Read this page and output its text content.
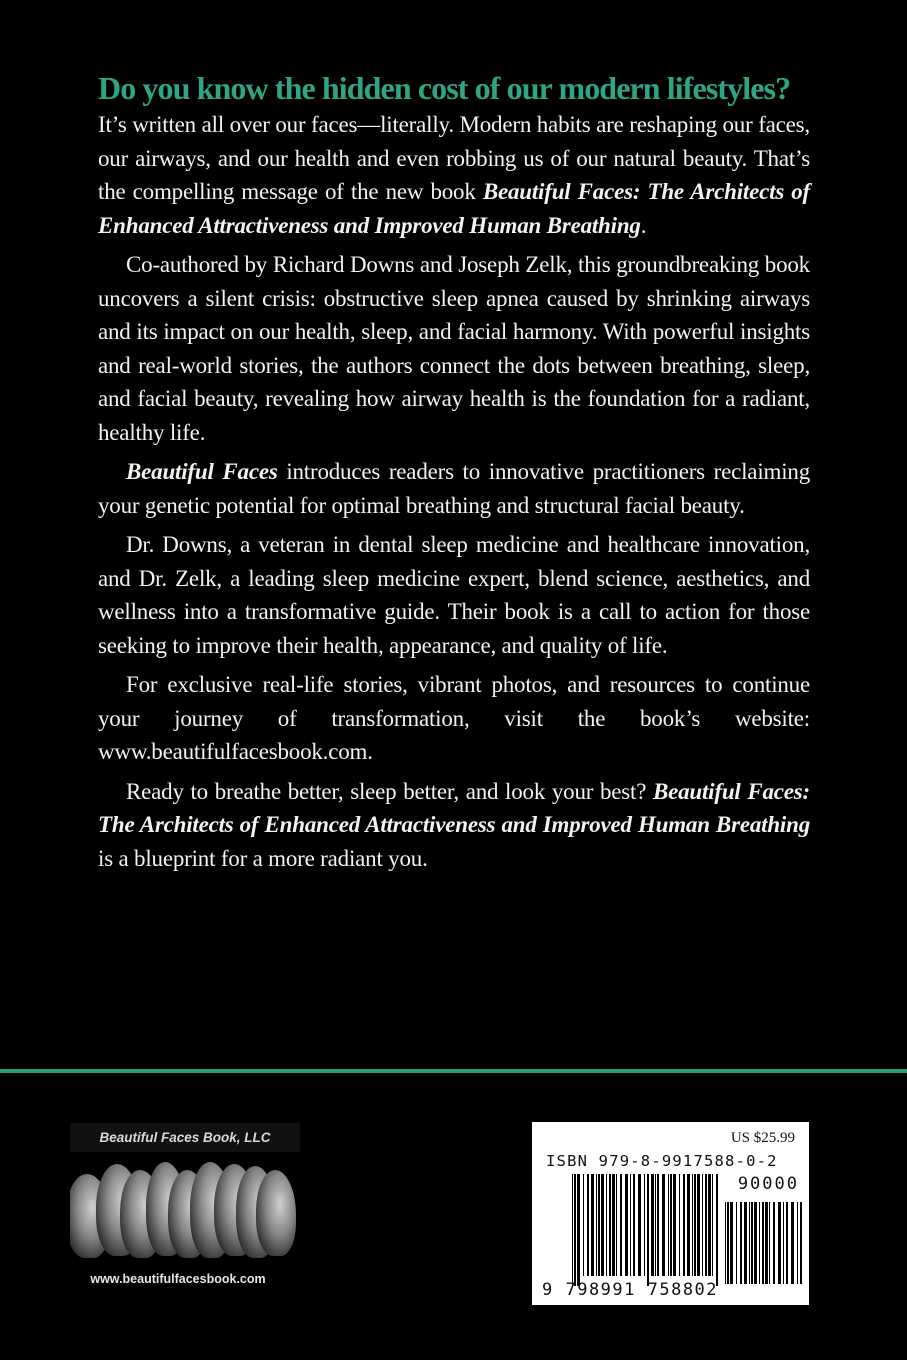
Do you know the hidden cost of our modern lifestyles?

It’s written all over our faces—literally. Modern habits are reshaping our faces, our airways, and our health and even robbing us of our natural beauty. That’s the compelling message of the new book Beautiful Faces: The Architects of Enhanced Attractiveness and Improved Human Breathing.

Co-authored by Richard Downs and Joseph Zelk, this groundbreaking book uncovers a silent crisis: obstructive sleep apnea caused by shrinking airways and its impact on our health, sleep, and facial harmony. With powerful insights and real-world stories, the authors connect the dots between breathing, sleep, and facial beauty, revealing how airway health is the foundation for a radiant, healthy life.

Beautiful Faces introduces readers to innovative practitioners reclaiming your genetic potential for optimal breathing and structural facial beauty.

Dr. Downs, a veteran in dental sleep medicine and healthcare innovation, and Dr. Zelk, a leading sleep medicine expert, blend science, aesthetics, and wellness into a transformative guide. Their book is a call to action for those seeking to improve their health, appearance, and quality of life.

For exclusive real-life stories, vibrant photos, and resources to continue your journey of transformation, visit the book’s website: www.beautifulfacesbook.com.

Ready to breathe better, sleep better, and look your best? Beautiful Faces: The Architects of Enhanced Attractiveness and Improved Human Breathing is a blueprint for a more radiant you.

Beautiful Faces Book, LLC
www.beautifulfacesbook.com
US $25.99
ISBN 979-8-9917588-0-2
90000
9 798991 758802
